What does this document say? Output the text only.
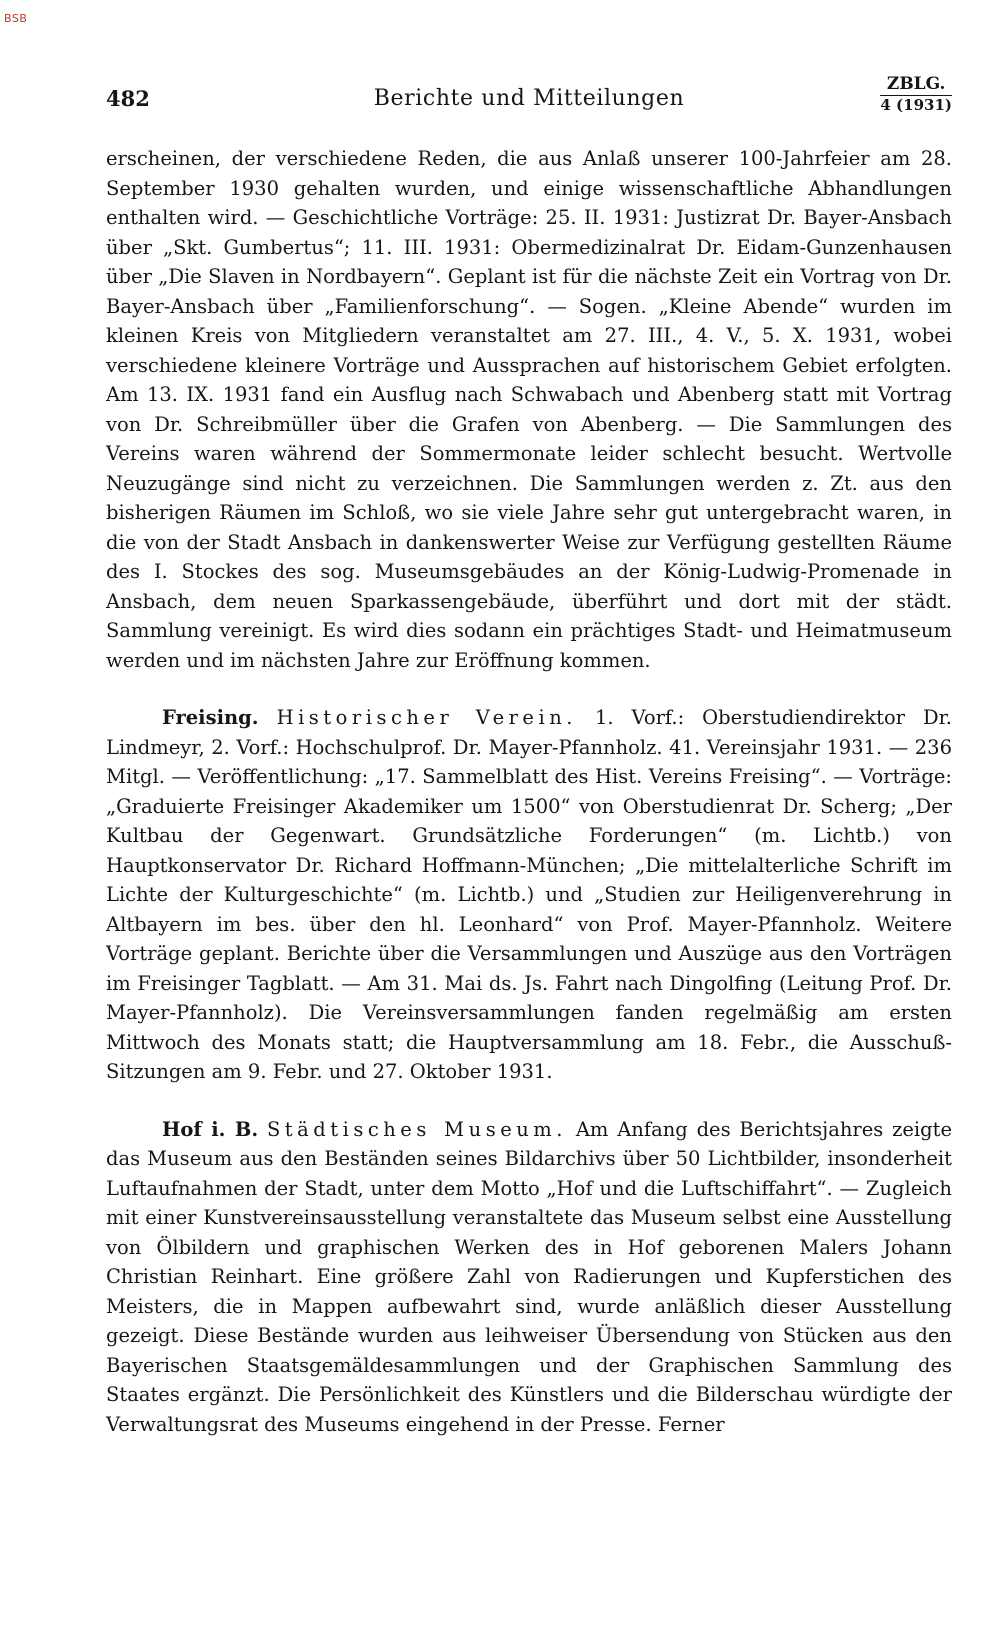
BSB
482	Berichte und Mitteilungen
ZBLG.
4 (1931)

erscheinen, der verschiedene Reden, die aus Anlaß unserer 100-Jahrfeier am 28. September 1930 gehalten wurden, und einige wissenschaftliche Abhandlungen enthalten wird. — Geschichtliche Vorträge: 25. II. 1931: Justizrat Dr. Bayer-Ansbach über „Skt. Gumbertus“; 11. III. 1931: Obermedizinalrat Dr. Eidam-Gunzenhausen über „Die Slaven in Nordbayern“. Geplant ist für die nächste Zeit ein Vortrag von Dr. Bayer-Ansbach über „Familienforschung“. — Sogen. „Kleine Abende“ wurden im kleinen Kreis von Mitgliedern veranstaltet am 27. III., 4. V., 5. X. 1931, wobei verschiedene kleinere Vorträge und Aussprachen auf historischem Gebiet erfolgten. Am 13. IX. 1931 fand ein Ausflug nach Schwabach und Abenberg statt mit Vortrag von Dr. Schreibmüller über die Grafen von Abenberg. — Die Sammlungen des Vereins waren während der Sommermonate leider schlecht besucht. Wertvolle Neuzugänge sind nicht zu verzeichnen. Die Sammlungen werden z. Zt. aus den bisherigen Räumen im Schloß, wo sie viele Jahre sehr gut untergebracht waren, in die von der Stadt Ansbach in dankenswerter Weise zur Verfügung gestellten Räume des I. Stockes des sog. Museumsgebäudes an der König-Ludwig-Promenade in Ansbach, dem neuen Sparkassengebäude, überführt und dort mit der städt. Sammlung vereinigt. Es wird dies sodann ein prächtiges Stadt- und Heimatmuseum werden und im nächsten Jahre zur Eröffnung kommen.

Freising. Historischer Verein. 1. Vorf.: Oberstudiendirektor Dr. Lindmeyr, 2. Vorf.: Hochschulprof. Dr. Mayer-Pfannholz. 41. Vereinsjahr 1931. — 236 Mitgl. — Veröffentlichung: „17. Sammelblatt des Hist. Vereins Freising“. — Vorträge: „Graduierte Freisinger Akademiker um 1500“ von Oberstudienrat Dr. Scherg; „Der Kultbau der Gegenwart. Grundsätzliche Forderungen“ (m. Lichtb.) von Hauptkonservator Dr. Richard Hoffmann-München; „Die mittelalterliche Schrift im Lichte der Kulturgeschichte“ (m. Lichtb.) und „Studien zur Heiligenverehrung in Altbayern im bes. über den hl. Leonhard“ von Prof. Mayer-Pfannholz. Weitere Vorträge geplant. Berichte über die Versammlungen und Auszüge aus den Vorträgen im Freisinger Tagblatt. — Am 31. Mai ds. Js. Fahrt nach Dingolfing (Leitung Prof. Dr. Mayer-Pfannholz). Die Vereinsversammlungen fanden regelmäßig am ersten Mittwoch des Monats statt; die Hauptversammlung am 18. Febr., die Ausschuß-Sitzungen am 9. Febr. und 27. Oktober 1931.

Hof i. B. Städtisches Museum. Am Anfang des Berichtsjahres zeigte das Museum aus den Beständen seines Bildarchivs über 50 Lichtbilder, insonderheit Luftaufnahmen der Stadt, unter dem Motto „Hof und die Luftschiffahrt“. — Zugleich mit einer Kunstvereinsausstellung veranstaltete das Museum selbst eine Ausstellung von Ölbildern und graphischen Werken des in Hof geborenen Malers Johann Christian Reinhart. Eine größere Zahl von Radierungen und Kupferstichen des Meisters, die in Mappen aufbewahrt sind, wurde anläßlich dieser Ausstellung gezeigt. Diese Bestände wurden aus leihweiser Übersendung von Stücken aus den Bayerischen Staatsgemäldesammlungen und der Graphischen Sammlung des Staates ergänzt. Die Persönlichkeit des Künstlers und die Bilderschau würdigte der Verwaltungsrat des Museums eingehend in der Presse. Ferner
